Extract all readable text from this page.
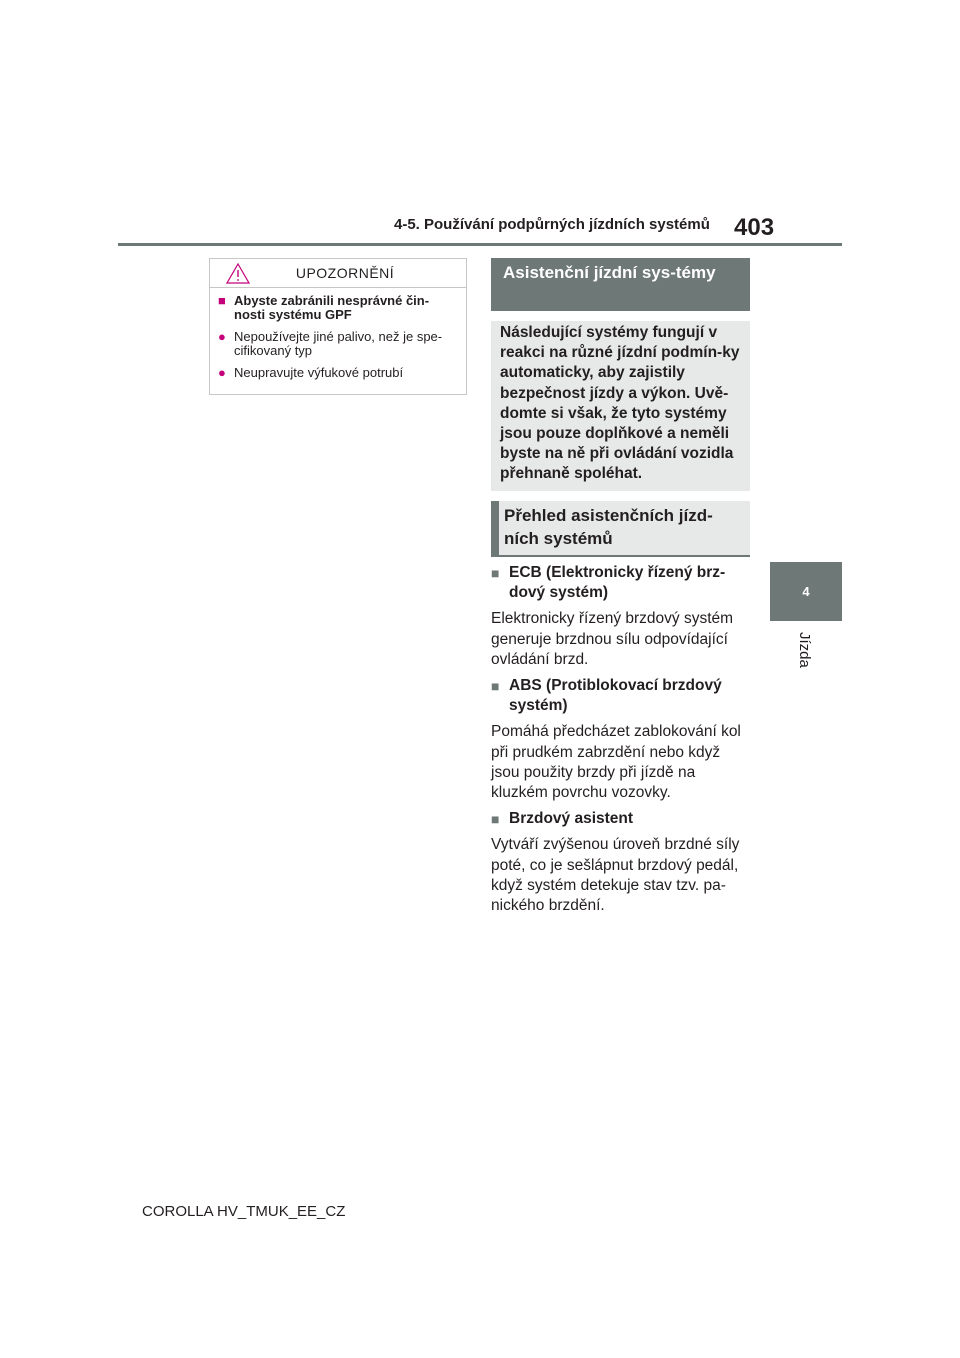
4-5. Používání podpůrných jízdních systémů 403
4
Jízda
UPOZORNĚNÍ
■ Abyste zabránili nesprávné čin-nosti systému GPF
● Nepoužívejte jiné palivo, než je spe-cifikovaný typ
● Neupravujte výfukové potrubí
Asistenční jízdní sys-témy
Následující systémy fungují v reakci na různé jízdní podmín-ky automaticky, aby zajistily bezpečnost jízdy a výkon. Uvě-domte si však, že tyto systémy jsou pouze doplňkové a neměli byste na ně při ovládání vozidla přehnaně spoléhat.
Přehled asistenčních jízd-ních systémů
■ ECB (Elektronicky řízený brz-dový systém)
Elektronicky řízený brzdový systém generuje brzdnou sílu odpovídající ovládání brzd.
■ ABS (Protiblokovací brzdový systém)
Pomáhá předcházet zablokování kol při prudkém zabrzdění nebo když jsou použity brzdy při jízdě na kluzkém povrchu vozovky.
■ Brzdový asistent
Vytváří zvýšenou úroveň brzdné síly poté, co je sešlápnut brzdový pedál, když systém detekuje stav tzv. pa-nického brzdění.
COROLLA HV_TMUK_EE_CZ
